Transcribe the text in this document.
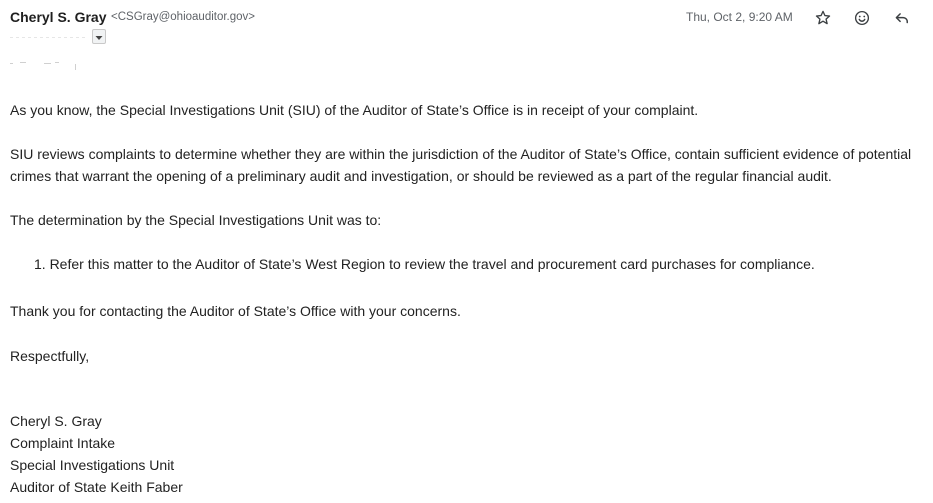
Cheryl S. Gray <CSGray@ohioauditor.gov>	Thu, Oct 2, 9:20 AM

As you know, the Special Investigations Unit (SIU) of the Auditor of State’s Office is in receipt of your complaint.

SIU reviews complaints to determine whether they are within the jurisdiction of the Auditor of State’s Office, contain sufficient evidence of potential crimes that warrant the opening of a preliminary audit and investigation, or should be reviewed as a part of the regular financial audit.

The determination by the Special Investigations Unit was to:

1. Refer this matter to the Auditor of State’s West Region to review the travel and procurement card purchases for compliance.

Thank you for contacting the Auditor of State’s Office with your concerns.

Respectfully,

Cheryl S. Gray
Complaint Intake
Special Investigations Unit
Auditor of State Keith Faber
